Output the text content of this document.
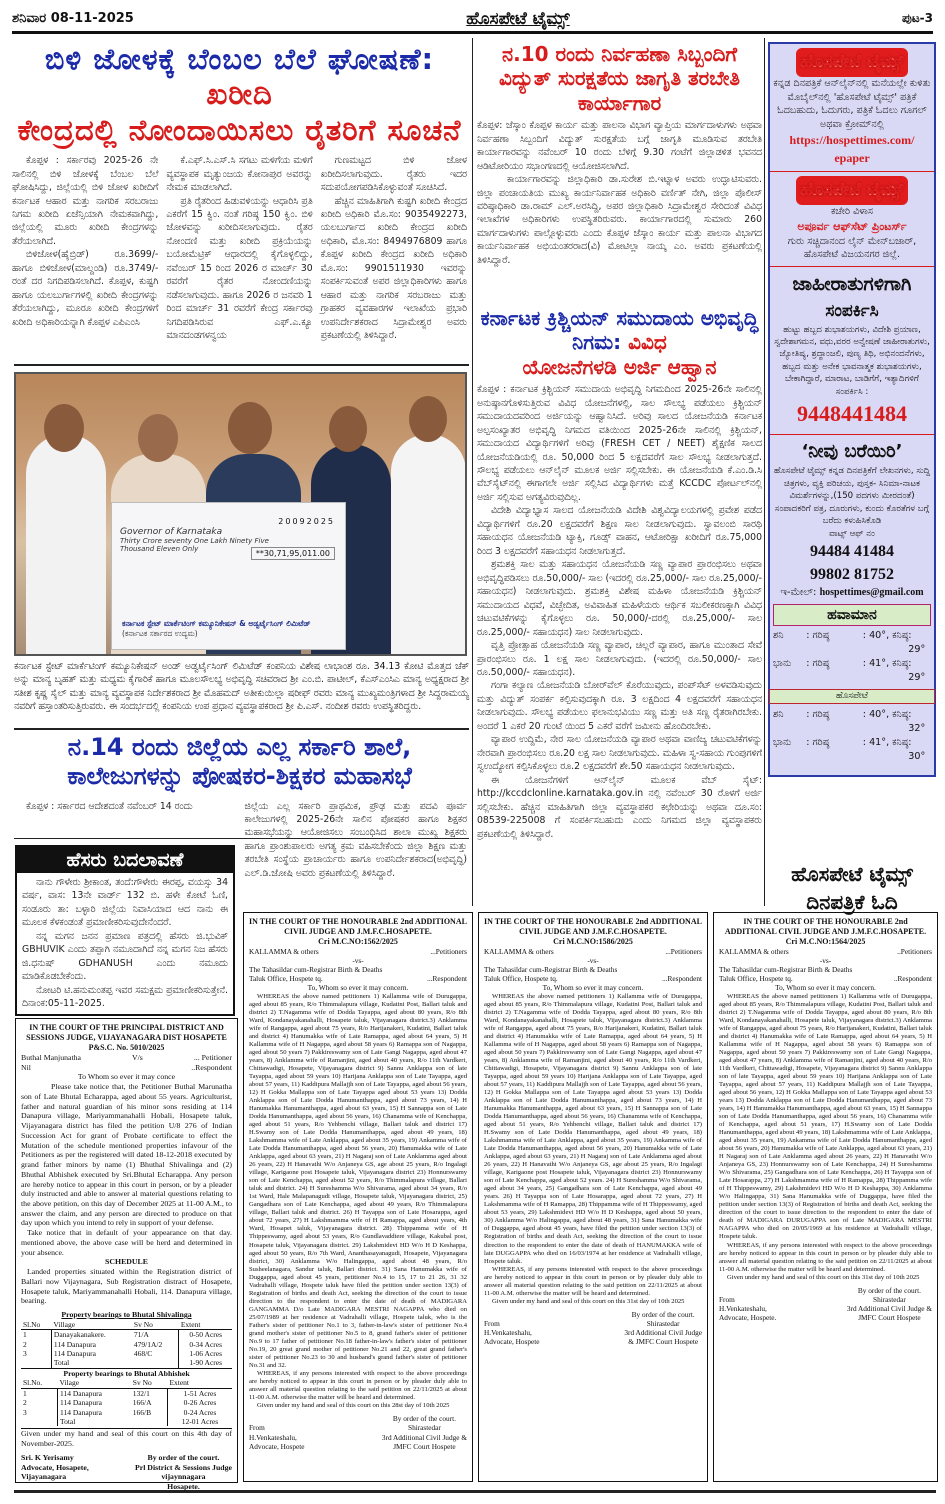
ಶನಿವಾರ 08-11-2025	ಹೊಸಪೇಟೆ ಟೈಮ್ಸ್	ಪುಟ-3
ಬಿಳಿ ಜೋಳಕ್ಕೆ ಬೆಂಬಲ ಬೆಲೆ ಘೋಷಣೆ: ಖರೀದಿ
ಕೇಂದ್ರದಲ್ಲಿ ನೋಂದಾಯಿಸಲು ರೈತರಿಗೆ ಸೂಚನೆ

ಕೊಪ್ಪಳ : ಸರ್ಕಾರವು 2025-26 ನೇ ಸಾಲಿನಲ್ಲಿ ಬಿಳಿ ಜೋಳಕ್ಕೆ ಬೆಂಬಲ ಬೆಲೆ ಘೋಷಿಸಿದ್ದು, ಜಿಲ್ಲೆಯಲ್ಲಿ ಬಿಳಿ ಜೋಳ ಖರೀದಿಗೆ ಕರ್ನಾಟಕ ಆಹಾರ ಮತ್ತು ನಾಗರಿಕ ಸರಬರಾಜು ನಿಗಮ ಖರೀದಿ ಏಜೆನ್ಸಿಯಾಗಿ ನೇಮಕವಾಗಿದ್ದು, ಜಿಲ್ಲೆಯಲ್ಲಿ ಮೂರು ಖರೀದಿ ಕೇಂದ್ರಗಳನ್ನು ತೆರೆಯಲಾಗಿದೆ.

ಬಿಳಿಜೋಳ(ಹೈಬ್ರಿಡ್) ರೂ.3699/- ಹಾಗೂ ಬಿಳಿಜೋಳ(ಮಾಲ್ದಂಡಿ) ರೂ.3749/- ರಂತೆ ದರ ನಿಗದಿಪಡಿಸಲಾಗಿದೆ. ಕೊಪ್ಪಳ, ಕುಷ್ಟಗಿ ಹಾಗೂ ಯಲಬುರ್ಗಾಗಳಲ್ಲಿ ಖರೀದಿ ಕೇಂದ್ರಗಳನ್ನು ತೆರೆಯಲಾಗಿದ್ದು, ಮೂರೂ ಖರೀದಿ ಕೇಂದ್ರಗಳಿಗೆ ಖರೀದಿ ಅಧಿಕಾರಿಯನ್ನಾಗಿ ಕೊಪ್ಪಳ ಎಪಿಎಂಸಿ

ಕೆ.ಎಫ್.ಸಿ.ಎಸ್.ಸಿ ಸಗಟು ಮಳಿಗೆಯ ಮಳಿಗೆ ವ್ಯವಸ್ಥಾಪಕ ಮೃತ್ಯುಂಜಯ ಕೋನಾಪುರ ಅವರನ್ನು ನೇಮಕ ಮಾಡಲಾಗಿದೆ.

ಪ್ರತಿ ರೈತರಿಂದ ಹಿಡುವಳಿಯನ್ನು ಆಧಾರಿಸಿ ಪ್ರತಿ ಎಕರೆಗೆ 15 ಕ್ವಿಂ. ನಂತೆ ಗರಿಷ್ಠ 150 ಕ್ವಿಂ. ಬಿಳಿ ಜೋಳವನ್ನು ಖರೀದಿಸಲಾಗುವುದು. ರೈತರ ನೋಂದಣಿ ಮತ್ತು ಖರೀದಿ ಪ್ರಕ್ರಿಯೆಯನ್ನು ಬಯೋಮೆಟ್ರಿಕ್ ಆಧಾರದಲ್ಲಿ ಕೈಗೊಳ್ಳಲಿದ್ದು, ನವೆಂಬರ್ 15 ರಿಂದ 2026 ರ ಮಾರ್ಚ್ 30 ರವರೆಗೆ ರೈತರ ನೋಂದಣಿಯನ್ನು ನಡೆಸಲಾಗುವುದು. ಹಾಗೂ 2026 ರ ಜನವರಿ 1 ರಿಂದ ಮಾರ್ಚ್ 31 ರವರೆಗೆ ಕೇಂದ್ರ ಸರ್ಕಾರವು ನಿಗದಿಪಡಿಸಿರುವ ಎಫ್.ಎ.ಕ್ಯೂ ಮಾನದಂಡಗಳನ್ವಯ

ಗುಣಮಟ್ಟದ ಬಿಳಿ ಜೋಳ ಖರೀದಿಸಲಾಗುವುದು. ರೈತರು ಇದರ ಸದುಪಯೋಗಪಡಿಸಿಕೊಳ್ಳುವಂತೆ ಸೂಚಿಸಿದೆ.

ಹೆಚ್ಚಿನ ಮಾಹಿತಿಗಾಗಿ ಕುಷ್ಟಗಿ ಖರೀದಿ ಕೇಂದ್ರದ ಖರೀದಿ ಅಧಿಕಾರಿ ಮೊ.ಸಂ: 9035492273, ಯಲಬುರ್ಗಾದ ಖರೀದಿ ಕೇಂದ್ರದ ಖರೀದಿ ಅಧಿಕಾರಿ, ಮೊ.ಸಂ: 8494976809 ಹಾಗೂ ಕೊಪ್ಪಳ ಖರೀದಿ ಕೇಂದ್ರದ ಖರೀದಿ ಅಧಿಕಾರಿ ಮೊ.ಸಂ: 9901511930 ಇವರನ್ನು ಸಂಪರ್ಕಿಸುವಂತೆ ಅಪರ ಜಿಲ್ಲಾಧಿಕಾರಿಗಳು ಹಾಗೂ ಆಹಾರ ಮತ್ತು ನಾಗರಿಕ ಸರಬರಾಜು ಮತ್ತು ಗ್ರಾಹಕರ ವ್ಯವಹಾರಗಳ ಇಲಾಖೆಯ ಪ್ರಭಾರಿ ಉಪನಿರ್ದೇಶಕರಾದ ಸಿದ್ರಾಮೇಶ್ವರ ಅವರು ಪ್ರಕಟಣೆಯಲ್ಲಿ ತಿಳಿಸಿದ್ದಾರೆ.

20092025
Governor of Karnataka
Thirty Crore seventy One Lakh Ninety Five Thousand Eleven Only	**30,71,95,011.00
ಕರ್ನಾಟಕ ಸ್ಟೇಟ್ ಮಾರ್ಕೆಟಿಂಗ್ ಕಮ್ಯೂನಿಕೇಷನ್ & ಅಡ್ವರ್ಟೈಸಿಂಗ್ ಲಿಮಿಟೆಡ್
(ಕರ್ನಾಟಕ ಸರ್ಕಾರದ ಉದ್ಯಮ)

ಕರ್ನಾಟಕ ಸ್ಟೇಟ್ ಮಾರ್ಕೆಟಿಂಗ್ ಕಮ್ಯೂನಿಕೇಷನ್ ಅಂಡ್ ಅಡ್ವರ್ಟೈಸಿಂಗ್ ಲಿಮಿಟೆಡ್ ಕಂಪನಿಯ ವಿಶೇಷ ಲಾಭಾಂಶ ರೂ. 34.13 ಕೋಟಿ ಮೊತ್ತದ ಚೆಕ್ ಅನ್ನು ಮಾನ್ಯ ಬೃಹತ್ ಮತ್ತು ಮಧ್ಯಮ ಕೈಗಾರಿಕೆ ಹಾಗೂ ಮೂಲಸೌಲಭ್ಯ ಅಭಿವೃದ್ಧಿ ಸಚಿವರಾದ ಶ್ರೀ ಎಂ.ಬಿ. ಪಾಟೀಲ್, ಕೆಎಸ್‌ಎಂಸಿಎ ಮಾನ್ಯ ಅಧ್ಯಕ್ಷರಾದ ಶ್ರೀ ಸತೀಶ ಕೃಷ್ಣ ಸೈಲ್ ಮತ್ತು ಮಾನ್ಯ ವ್ಯವಸ್ಥಾಪಕ ನಿರ್ದೇಶಕರಾದ ಶ್ರೀ ಮೊಹಮದ್ ಅತೀಕುಯಿಲ್ಲಾ ಷರೀಫ್ ರವರು ಮಾನ್ಯ ಮುಖ್ಯಮಂತ್ರಿಗಳಾದ ಶ್ರೀ ಸಿದ್ದರಾಮಯ್ಯ ನವರಿಗೆ ಹಸ್ತಾಂತರಿಸುತ್ತಿರುವರು. ಈ ಸಂದರ್ಭದಲ್ಲಿ ಕಂಪನಿಯ ಉಪ ಪ್ರಧಾನ ವ್ಯವಸ್ಥಾಪಕರಾದ ಶ್ರೀ ಪಿ.ಎಸ್. ನಂದೀಶ ರವರು ಉಪಸ್ಥಿತರಿದ್ದರು.

ನ.14 ರಂದು ಜಿಲ್ಲೆಯ ಎಲ್ಲ ಸರ್ಕಾರಿ ಶಾಲೆ,
ಕಾಲೇಜುಗಳನ್ನು ಪೋಷಕರ-ಶಿಕ್ಷಕರ ಮಹಾಸಭೆ

ಕೊಪ್ಪಳ : ಸರ್ಕಾರದ ಆದೇಶದಂತೆ ನವೆಂಬರ್ 14 ರಂದು	ಜಿಲ್ಲೆಯ ಎಲ್ಲ ಸರ್ಕಾರಿ ಪ್ರಾಥಮಿಕ, ಪ್ರೌಢ ಮತ್ತು ಪದವಿ ಪೂರ್ವ ಕಾಲೇಜುಗಳಲ್ಲಿ 2025-26ನೇ ಸಾಲಿನ ಪೋಷಕರ ಹಾಗೂ ಶಿಕ್ಷಕರ ಮಹಾಸಭೆಯನ್ನು ಆಯೋಜಿಸಲು ಸಂಬಂಧಿಸಿದ ಶಾಲಾ ಮುಖ್ಯ ಶಿಕ್ಷಕರು ಹಾಗೂ ಪ್ರಾಂಶುಪಾಲರು ಅಗತ್ಯ ಕ್ರಮ ವಹಿಸಬೇಕೆಂದು ಜಿಲ್ಲಾ ಶಿಕ್ಷಣ ಮತ್ತು ತರಬೇತಿ ಸಂಸ್ಥೆಯ ಪ್ರಾಚಾರ್ಯರು ಹಾಗೂ ಉಪನಿರ್ದೇಶಕರಾದ(ಅಭಿವೃದ್ಧಿ) ಎಲ್.ಡಿ.ಜೋಷಿ ಅವರು ಪ್ರಕಟಣೆಯಲ್ಲಿ ತಿಳಿಸಿದ್ದಾರೆ.

ಹೆಸರು ಬದಲಾವಣೆ

ನಾನು ಗೌಳೇರು ಶ್ರೀಕಾಂತ, ತಂದೆ:ಗೌಳೇರು ಈರಪ್ಪ, ವಯಸ್ಸು 34 ವರ್ಷ, ವಾಸ: 13ನೇ ವಾರ್ಡ್ 132 ಬಿ. ಹಳೇ ಕೋಟೆ ಓಣಿ, ಸಂಡೂರು ತಾ: ಬಳ್ಳಾರಿ ಜಿಲ್ಲೆಯ ನಿವಾಸಿಯಾದ ಆದ ನಾನು ಈ ಮೂಲಕ ಕೆಳಕಂಡಂತೆ ಪ್ರಮಾಣೀಕರಿಸುವುದೇನೆಂದರೆ.

ನನ್ನ ಮಗನ ಜನನ ಪ್ರಮಾಣ ಪತ್ರದಲ್ಲಿ ಹೆಸರು ಜಿ.ಭುವಿಕ್ GBHUVIK ಎಂದು ತಪ್ಪಾಗಿ ನಮೂದಾಗಿದೆ ನನ್ನ ಮಗನ ನಿಜ ಹೆಸರು ಜಿ.ಧನುಷ್ GDHANUSH ಎಂದು ನಮೂದು ಮಾಡಿಕೊಡಬೇಕೆಂದು.

ನೋಟರಿ ಟಿ.ಹನುಮಂತಪ್ಪ ಇವರ ಸಮಕ್ಷಮ ಪ್ರಮಾಣೀಕರಿಸುತ್ತೇನೆ. ದಿನಾಂಕ:05-11-2025.

IN THE COURT OF THE PRINCIPAL DISTRICT AND SESSIONS JUDGE, VIJAYANAGARA DIST HOSAPETE
P&S.C. No. 5010/2025
Buthal Manjunatha	V/s	... Petitioner
Nil	..Respondent
To Whom so ever it may conce

Please take notice that, the Petitioner Buthal Marunatha son of Late Bhutal Echarappa, aged about 55 years. Agriculturist, father and natural guardian of his minor sons residing at 114 Danapura village, Mariyammanahalli Hobali, Hosapete taluk, Vijayanagara district has filed the petition U/8 276 of Indian Succession Act for grant of Probate certificate to effect the Mutation of the schedule mentioned properties infavour of the Petitioners as per the registered will dated 18-12-2018 executed by grand father minors by name (1) Bhuthal Shivalinga and (2) Bhuthal Abhishek executed by Sri.Bhutal Echarappa. Any person are hereby notice to appear in this court in person, or by a pleader duly instructed and able to answer al material questions relating to the above petition, on this day of December 2025 at 11-00 A.M., to answer the claim, and any person are directed to produce on that day upon which you intend to rely in support of your defense.

Take notice that in default of your appearance on that day. mentioned above, the above case will be herd and determined in your absence.

SCHEDULE

Landed properties situated within the Registration district of Ballari now Vijaynagara, Sub Registration distract of Hosapete, Hosapete taluk, Mariyammanahalli Hobali, 114. Danapura village, bearing.

Property bearings to Bhutal Shivalinga
Sl.No	Village	Sv No	Extent
1	Danayakanakere.	71/A	0-50 Acres
2	114 Danapura	479/1A/2	0-34 Acres
3	114 Danapura	468/C	1-06 Acres
	Total		1-90 Acres
Property bearings to Bhutal Abhishek
Sl.No.	Vilage	Sv No	Extent
1	114 Danapura	132/1	1-51 Acres
2	114 Danapura	166/A	0-26 Acres
3	114 Danapura	166/B	0-24 Acres
	Total		12-01 Acres

Given under my hand and seal of this court on this 4th day of November-2025.

Sri. K Yerisamy
Advocate, Hosapete,
Vijayanagara
By order of the court.
Prl District & Sessions Judge
vijaynnagara
Hosapete.
IN THE COURT OF THE HONOURABLE 2nd ADDITIONAL CIVIL JUDGE AND J.M.F.C.HOSAPETE.
Cri M.C.NO:1562/2025
KALLAMMA & others	...Petitioners
-vs-
The Tahasildar cum-Registrar Birth & Deaths
Taluk Office, Hospete tq.	...Respondent
To, Whom so ever it may concern.

WHEREAS the above named petitioners 1) Kallamma wife of Durugappa, aged about 85 years, R/o Thimmalapura village, Kudatini Post, Ballari taluk and district 2) T.Nagamma wife of Dodda Tayappa, aged about 80 years, R/o 8th Ward, Kondanayakanahalli, Hosapete taluk, Vijayanagara district.3) Anklamma wife of Rangappa, aged about 75 years, R/o Harijanakeri, Kudatini, Ballari taluk and district 4) Hanumakka wife of Late Ramappa, aged about 64 years, 5) H Kallamma wife of H Nagappa, aged about 58 years 6) Ramappa son of Nagappa, aged about 50 years 7) Pakkireswamy son of Late Gangi Nagappa, aged about 47 years, 8) Anklamma wife of Ramanjini, aged about 40 years, R/o 11th Vardkeri, Chittawadigi, Hosapete, Vijayanagara district 9) Sannu Anklappa son of late Tayappa, aged about 59 years 10) Harijana Anklappa son of Late Tayappa, aged about 57 years, 11) Kaddipura Mallajjh son of Late Tayappa, aged about 56 years, 12) H Gokka Mallappa son of Late Tayappa aged about 53 years 13) Dodda Anklappa son of Late Dodda Hanumanthappa, aged about 73 years, 14) H Hanumakka Hanumanthappa, aged about 63 years, 15) H Sannappa son of Late Dodda Hanumanthappa, aged about 56 years, 16) Chanamma wife of Kenchappa, aged about 51 years, R/o Yehbenchi village, Ballari taluk and district 17) H.Swamy son of Late Dodda Hanumanthappa, aged about 49 years, 18) Lakshmamma wife of Late Anklappa, aged about 35 years, 19) Ankamma wife of Late Dodda Hanumanthappa, aged about 56 years, 20) Hanumakka wife of Late Anklappa, aged about 63 years, 21) H Nagaraj son of Late Anklamma aged about 26 years, 22) H Hanavathi W/o Anjaneya GS, age about 25 years, R/o Ingalagi village, Karigaone post Hosapete taluk, Vijayanagara district 23) Honnurswamy son of Late Kenchappa, aged about 52 years, R/o Thimmalapura village, Ballari taluk and district. 24) H Sureshamma W/o Shivarama, aged about 34 years, R/o 1st Ward, Hale Malapanagudi village, Hosapete taluk, Vijayanagara district, 25) Gangadhara son of Late Kenchappa, aged about 49 years, R/o Thimmalapura village, Ballari taluk and district. 26) H Tayappa son of Late Hosarappa, aged about 72 years, 27) H Lakshmamma wife of H Ramappa, aged about years, 4th Ward, Hosapet taluk, Vijayanagara district. 28) Thippamma wife of H Thippeswamy, aged about 53 years, R/o Gundlavaddiere village, Kakubal post, Hosapete taluk, Vijayanagara district. 29) Lakshmidevi HD W/o H D Keshappa, aged about 50 years, R/o 7th Ward, Ananthasayanagudi, Hosapete, Vijayanagara district, 30) Anklamma W/o Halingappa, aged about 48 years, R/o Susheelanagara, Sandur taluk, Ballari district. 31) Sana Hanumakka wife of Duggappa, aged about 45 years, petitioner No.4 to 15, 17 to 21 26, 31 32 Vadrahalli village, Hospete taluk have filed the petition under section 13(3) of Registration of births and death Act, seeking the direction of the court to issue direction to the respondent to enter the date of death of MADIGARA GANGAMMA D/o Late MADIGARA MESTRI NAGAPPA who died on 25/07/1989 at her residence at Vadrahalli village, Hospete taluk, who is the Father's sister of petitioner No.1 to 3, father-in-law's sister of petitioner No.4 grand mother's sister of petitioner No.5 to 8, grand father's sister of petitioner No.9 to 17 father of petitioner No.18 father-in-law's father's sister of petitioner No.19, 20 great grand mother of petitioner No.21 and 22, great grand father's sister of petitioner No.23 to 30 and husband's grand father's sister of petitioner No.31 and 32.

WHEREAS, if any persons interested with respect to the above proceedings are hereby noticed to appear in this court in person or by pleader duly able to answer all material question relating to the said petition on 22/11/2025 at about 11-00 A.M. otherwise the matter will be heard and determined.

Given under my hand and seal of this court on this 28st day of 10th 2025

From
H.Venkateshalu,
Advocate, Hospete
By order of the court.
Shirastedar
3rd Additional Civil Judge &
JMFC Court Hospete
IN THE COURT OF THE HONOURABLE 2nd ADDITIONAL CIVIL JUDGE AND J.M.F.C.HOSAPETE.
Cri M.C.NO:1586/2025
KALLAMMA & others	...Petitioners
-vs-
The Tahasildar cum-Registrar Birth & Deaths
Taluk Office, Hospete tq.	...Respondent
To, Whom so ever it may concern.

WHEREAS the above named petitioners 1) Kallamma wife of Durugappa, aged about 85 years, R/o Thimmalapura village, Kudatini Post, Ballari taluk and district 2) T.Nagamma wife of Dodda Tayappa, aged about 80 years, R/o 8th Ward, Kondanayakanahalli, Hosapete taluk, Vijayanagara district.3) Anklamma wife of Rangappa, aged about 75 years, R/o Harijanakeri, Kudatini, Ballari taluk and district 4) Hanumakka wife of Late Ramappa, aged about 64 years, 5) H Kallamma wife of H Nagappa, aged about 58 years 6) Ramappa son of Nagappa, aged about 50 years 7) Pakkireswamy son of Late Gangi Nagappa, aged about 47 years, 8) Anklamma wife of Ramanjini, aged about 40 years, R/o 11th Vardkeri, Chittawadigi, Hosapete, Vijayanagara district 9) Sannu Anklappa son of late Tayappa, aged about 59 years 10) Harijana Anklappa son of Late Tayappa, aged about 57 years, 11) Kaddipura Mallajjh son of Late Tayappa, aged about 56 years, 12) H Gokka Mallappa son of Late Tayappa aged about 53 years 13) Dodda Anklappa son of Late Dodda Hanumanthappa, aged about 73 years, 14) H Hanumakka Hanumanthappa, aged about 63 years, 15) H Sannappa son of Late Dodda Hanumanthappa, aged about 56 years, 16) Chanamma wife of Kenchappa, aged about 51 years, R/o Yehbenchi village, Ballari taluk and district 17) H.Swamy son of Late Dodda Hanumanthappa, aged about 49 years, 18) Lakshmamma wife of Late Anklappa, aged about 35 years, 19) Ankamma wife of Late Dodda Hanumanthappa, aged about 56 years, 20) Hanumakka wife of Late Anklappa, aged about 63 years, 21) H Nagaraj son of Late Anklamma aged about 26 years, 22) H Hanavathi W/o Anjaneya GS, age about 25 years, R/o Ingalagi village, Karigaone post Hosapete taluk, Vijayanagara district 23) Honnurswamy son of Late Kenchappa, aged about 52 years. 24) H Sureshamma W/o Shivarama, aged about 34 years, 25) Gangadhara son of Late Kenchappa, aged about 49 years. 26) H Tayappa son of Late Hosarappa, aged about 72 years, 27) H Lakshmamma wife of H Ramappa, 28) Thippamma wife of H Thippeswamy, aged about 53 years, 29) Lakshmidevi HD W/o H D Keshappa, aged about 50 years, 30) Anklamma W/o Halingappa, aged about 48 years, 31) Sana Hanumakka wife of Duggappa, aged about 45 years, have filed the petition under section 13(3) of Registration of births and death Act, seeking the direction of the court to issue direction to the respondent to enter the date of death of HANUMAKKA wife of late DUGGAPPA who died on 16/03/1974 at her residence at Vadrahalli village, Hospete taluk.

WHEREAS, if any persons interested with respect to the above proceedings are hereby noticed to appear in this court in person or by pleader duly able to answer all material question relating to the said petition on 22/11/2025 at about 11-00 A.M. otherwise the matter will be heard and determined.

Given under my hand and seal of this court on this 31st day of 10th 2025

From
H.Venkateshalu,
Advocate, Hospete
By order of the court.
Shirastedar
3rd Additional Civil Judge
& JMFC Court Hospete
IN THE COURT OF THE HONOURABLE 2nd ADDITIONAL CIVIL JUDGE AND J.M.F.C.HOSAPETE.
Cri M.C.NO:1564/2025
KALLAMMA & others	..Petitioners
-vs-
The Tahasildar cum-Registrar Birth & Deaths
Taluk Office, Hospete tq.	..Respondent
To, Whom so ever it may concern.

WHEREAS the above named petitioners 1) Kallamma wife of Durugappa, aged about 85 years, R/o Thimmalapura village, Kudatini Post, Ballari taluk and district 2) T.Nagamma wife of Dodda Tayappa, aged about 80 years, R/o 8th Ward, Kondanayakanahalli, Hosapete taluk, Vijayanagara district.3) Anklamma wife of Rangappa, aged about 75 years, R/o Harijanakeri, Kudatini, Ballari taluk and district 4) Hanumakka wife of Late Ramappa, aged about 64 years, 5) H Kallamma wife of H Nagappa, aged about 58 years 6) Ramappa son of Nagappa, aged about 50 years 7) Pakkireswamy son of Late Gangi Nagappa, aged about 47 years, 8) Anklamma wife of Ramanjini, aged about 40 years, R/o 11th Vardkeri, Chittawadigi, Hosapete, Vijayanagara district 9) Sannu Anklappa son of late Tayappa, aged about 59 years 10) Harijana Anklappa son of Late Tayappa, aged about 57 years, 11) Kaddipura Mallajjh son of Late Tayappa, aged about 56 years, 12) H Gokka Mallappa son of Late Tayappa aged about 53 years 13) Dodda Anklappa son of Late Dodda Hanumanthappa, aged about 73 years, 14) H Hanumakka Hanumanthappa, aged about 63 years, 15) H Sannappa son of Late Dodda Hanumanthappa, aged about 56 years, 16) Chanamma wife of Kenchappa, aged about 51 years, 17) H.Swamy son of Late Dodda Hanumanthappa, aged about 49 years, 18) Lakshmamma wife of Late Anklappa, aged about 35 years, 19) Ankamma wife of Late Dodda Hanumanthappa, aged about 56 years, 20) Hanumakka wife of Late Anklappa, aged about 63 years, 21) H Nagaraj son of Late Anklamma aged about 26 years, 22) H Hanavathi W/o Anjaneya GS, 23) Honnurswamy son of Late Kenchappa, 24) H Sureshamma W/o Shivarama, 25) Gangadhara son of Late Kenchappa, 26) H Tayappa son of Late Hosarappa, 27) H Lakshmamma wife of H Ramappa, 28) Thippamma wife of H Thippeswamy, 29) Lakshmidevi HD W/o H D Keshappa, 30) Anklamma W/o Halingappa, 31) Sana Hanumakka wife of Duggappa, have filed the petition under section 13(3) of Registration of births and death Act, seeking the direction of the court to issue direction to the respondent to enter the date of death of MADIGARA DURUGAPPA son of Late MADIGARA MESTRI NAGAPPA who died on 20/05/1969 at his residence at Vadrahalli village, Hospete taluk.

WHEREAS, if any persons interested with respect to the above proceedings are hereby noticed to appear in this court in person or by pleader duly able to answer all material question relating to the said petition on 22/11/2025 at about 11-00 A.M. otherwise the matter will be heard and determined.

Given under my hand and seal of this court on this 31st day of 10th 2025

From
H.Venkateshalu,
Advocate, Hospete.
By order of the court.
Shirastedar
3rd Additional Civil Judge &
JMFC Court Hospete
ನ.10 ರಂದು ನಿರ್ವಹಣಾ ಸಿಬ್ಬಂದಿಗೆ ವಿದ್ಯುತ್ ಸುರಕ್ಷತೆಯ ಜಾಗೃತಿ ತರಬೇತಿ ಕಾರ್ಯಾಗಾರ

ಕೊಪ್ಪಳ: ಜೆಸ್ಕಾಂ ಕೊಪ್ಪಳ ಕಾರ್ಯ ಮತ್ತು ಪಾಲನಾ ವಿಭಾಗ ವ್ಯಾಪ್ತಿಯ ಮಾರ್ಗದಾಳುಗಳು ಅಥವಾ ನಿರ್ವಹಣಾ ಸಿಬ್ಬಂದಿಗೆ ವಿದ್ಯುತ್ ಸುರಕ್ಷತೆಯ ಬಗ್ಗೆ ಜಾಗೃತಿ ಮೂಡಿಸುವ ತರಬೇತಿ ಕಾರ್ಯಾಗಾರವನ್ನು ನವೆಂಬರ್ 10 ರಂದು ಬೆಳಿಗ್ಗೆ 9.30 ಗಂಟೆಗೆ ಜಿಲ್ಲಾಡಳಿತ ಭವನದ ಆಡಿಟೋರಿಯಂ ಸಭಾಂಗಣದಲ್ಲಿ ಆಯೋಜಿಸಲಾಗಿದೆ.

ಕಾರ್ಯಾಗಾರವನ್ನು ಜಿಲ್ಲಾಧಿಕಾರಿ ಡಾ.ಸುರೇಶ ಬಿ.ಇಟ್ನಾಳ ಅವರು ಉದ್ಘಾಟಿಸುವರು. ಜಿಲ್ಲಾ ಪಂಚಾಯತಿಯ ಮುಖ್ಯ ಕಾರ್ಯನಿರ್ವಾಹಕ ಅಧಿಕಾರಿ ವರ್ಣಿತ್ ನೇಗಿ, ಜಿಲ್ಲಾ ಪೊಲೀಸ್ ವರಿಷ್ಠಾಧಿಕಾರಿ ಡಾ.ರಾಮ್ ಎಲ್.ಅರಸಿದ್ದಿ, ಅಪರ ಜಿಲ್ಲಾಧಿಕಾರಿ ಸಿದ್ರಾಮೇಶ್ವರ ಸೇರಿದಂತೆ ವಿವಿಧ ಇಲಾಖೆಗಳ ಅಧಿಕಾರಿಗಳು ಉಪಸ್ಥಿತರಿರುವರು. ಕಾರ್ಯಾಗಾರದಲ್ಲಿ ಸುಮಾರು 260 ಮಾರ್ಗದಾಳುಗಳು ಪಾಲ್ಗೊಳ್ಳುವರು ಎಂದು ಕೊಪ್ಪಳ ಜೆಸ್ಕಾಂ ಕಾರ್ಯ ಮತ್ತು ಪಾಲನಾ ವಿಭಾಗದ ಕಾರ್ಯನಿರ್ವಾಹಕ ಅಭಿಯಂತರರಾದ(ವಿ) ಮೋಟಿಲ್ಲಾ ನಾಯ್ಕ ಎಂ. ಅವರು ಪ್ರಕಟಣೆಯಲ್ಲಿ ತಿಳಿಸಿದ್ದಾರೆ.

ಕರ್ನಾಟಕ ಕ್ರಿಶ್ಚಿಯನ್ ಸಮುದಾಯ ಅಭಿವೃದ್ಧಿ ನಿಗಮ: ವಿವಿಧ
ಯೋಜನೆಗಳಡಿ ಅರ್ಜಿ ಆಹ್ವಾನ

ಕೊಪ್ಪಳ : ಕರ್ನಾಟಕ ಕ್ರಿಶ್ಚಿಯನ್ ಸಮುದಾಯ ಅಭಿವೃದ್ಧಿ ನಿಗಮದಿಂದ 2025-26ನೇ ಸಾಲಿನಲ್ಲಿ ಅನುಷ್ಠಾನಗೊಳಿಸುತ್ತಿರುವ ವಿವಿಧ ಯೋಜನೆಗಳಲ್ಲಿ, ಸಾಲ ಸೌಲಭ್ಯ ಪಡೆಯಲು ಕ್ರಿಶ್ಚಿಯನ್ ಸಮುದಾಯದವರಿಂದ ಅರ್ಜಿಯನ್ನು ಆಹ್ವಾನಿಸಿದೆ. ಅರಿವು ಸಾಲದ ಯೋಜನೆಯಡಿ ಕರ್ನಾಟಕ ಅಲ್ಪಸಂಖ್ಯಾತರ ಅಭಿವೃದ್ಧಿ ನಿಗಮದ ವತಿಯಿಂದ 2025-26ನೇ ಸಾಲಿನಲ್ಲಿ ಕ್ರಿಶ್ಚಿಯನ್, ಸಮುದಾಯದ ವಿದ್ಯಾರ್ಥಿಗಳಿಗೆ ಅರಿವು (FRESH CET / NEET) ಶೈಕ್ಷಣಿಕ ಸಾಲದ ಯೋಜನೆಯಡಿಯಲ್ಲಿ ರೂ. 50,000 ರಿಂದ 5 ಲಕ್ಷದವರೆಗೆ ಸಾಲ ಸೌಲಭ್ಯ ನೀಡಲಾಗುತ್ತದೆ. ಸೌಲಭ್ಯ ಪಡೆಯಲು ಆನ್‌ಲೈನ್ ಮೂಲಕ ಅರ್ಜಿ ಸಲ್ಲಿಸಬೇಕು. ಈ ಯೋಜನೆಯಡಿ ಕೆ.ಎಂ.ಡಿ.ಸಿ ವೆಬ್‌ಸೈಟ್‌ನಲ್ಲಿ ಈಗಾಗಲೇ ಅರ್ಜಿ ಸಲ್ಲಿಸಿದ ವಿದ್ಯಾರ್ಥಿಗಳು ಮತ್ತೆ KCCDC ಪೋರ್ಟಲ್‌ನಲ್ಲಿ ಅರ್ಜಿ ಸಲ್ಲಿಸುವ ಅಗತ್ಯವಿರುವುದಿಲ್ಲ.

ವಿದೇಶಿ ವಿದ್ಯಾಭ್ಯಾಸ ಸಾಲದ ಯೋಜನೆಯಡಿ ವಿದೇಶಿ ವಿಶ್ವವಿದ್ಯಾಲಯಗಳಲ್ಲಿ ಪ್ರವೇಶ ಪಡೆದ ವಿದ್ಯಾರ್ಥಿಗಳಿಗೆ ರೂ.20 ಲಕ್ಷದವರೆಗೆ ಶಿಕ್ಷಣ ಸಾಲ ನೀಡಲಾಗುವುದು. ಸ್ವಾವಲಂಬಿ ಸಾರಥಿ ಸಹಾಯಧನ ಯೋಜನೆಯಡಿ ಟ್ಯಾಕ್ಸಿ, ಗೂಡ್ಸ್ ವಾಹನ, ಆಟೋರಿಕ್ಷಾ ಖರೀದಿಗೆ ರೂ.75,000 ರಿಂದ 3 ಲಕ್ಷದವರೆಗೆ ಸಹಾಯಧನ ನೀಡಲಾಗುತ್ತದೆ.

ಶ್ರಮಶಕ್ತಿ ಸಾಲ ಮತ್ತು ಸಹಾಯಧನ ಯೋಜನೆಯಡಿ ಸಣ್ಣ ವ್ಯಾಪಾರ ಪ್ರಾರಂಭಿಸಲು ಅಥವಾ ಅಭಿವೃದ್ಧಿಪಡಿಸಲು ರೂ.50,000/- ಸಾಲ (ಇದರಲ್ಲಿ ರೂ.25,000/- ಸಾಲ ರೂ.25,000/- ಸಹಾಯಧನ) ನೀಡಲಾಗುವುದು. ಶ್ರಮಶಕ್ತಿ ವಿಶೇಷ ಮಹಿಳಾ ಯೋಜನೆಯಡಿ ಕ್ರಿಶ್ಚಿಯನ್ ಸಮುದಾಯದ ವಿಧವೆ, ವಿಚ್ಛೇದಿತ, ಅವಿವಾಹಿತ ಮಹಿಳೆಯರು ಆರ್ಥಿಕ ಸಬಲೀಕರಣಕ್ಕಾಗಿ ವಿವಿಧ ಚಟುವಟಿಕೆಗಳನ್ನು ಕೈಗೊಳ್ಳಲು ರೂ. 50,000/-ದರಲ್ಲಿ ರೂ.25,000/- ಸಾಲ ರೂ.25,000/- ಸಹಾಯಧನ) ಸಾಲ ನೀಡಲಾಗುವುದು.

ವೃತ್ತಿ ಪ್ರೋತ್ಸಾಹ ಯೋಜನೆಯಡಿ ಸಣ್ಣ ವ್ಯಾಪಾರ, ಚಿಲ್ಲರೆ ವ್ಯಾಪಾರ, ಹಾಗೂ ಮುಂತಾದ ಸೇವೆ ಪ್ರಾರಂಭಿಸಲು ರೂ. 1 ಲಕ್ಷ ಸಾಲ ನೀಡಲಾಗುವುದು. (ಇದರಲ್ಲಿ ರೂ.50,000/- ಸಾಲ ರೂ.50,000/- ಸಹಾಯಧನ).

ಗಂಗಾ ಕಲ್ಯಾಣ ಯೋಜನೆಯಡಿ ಬೋರ್‌ವೆಲ್ ಕೊರೆಯುವುದು, ಪಂಪ್‌ಸೆಟ್ ಅಳವಡಿಸುವುದು ಮತ್ತು ವಿದ್ಯುತ್ ಸಂಪರ್ಕ ಕಲ್ಪಿಸುವುದಕ್ಕಾಗಿ ರೂ. 3 ಲಕ್ಷದಿಂದ 4 ಲಕ್ಷದವರೆಗೆ ಸಹಾಯಧನ ನೀಡಲಾಗುವುದು. ಸೌಲಭ್ಯ ಪಡೆಯಲು ಫಲಾನುಭವಿಯು ಸಣ್ಣ ಮತ್ತು ಅತಿ ಸಣ್ಣ ರೈತರಾಗಿರಬೇಕು. ಅಂದರೆ 1 ಎಕರೆ 20 ಗುಂಟೆ ಯಿಂದ 5 ಎಕರೆ ವರೆಗೆ ಜಮೀನು ಹೊಂದಿರಬೇಕು.

ವ್ಯಾಪಾರ ಉದ್ದಿಮೆ, ನೇರ ಸಾಲ ಯೋಜನೆಯಡಿ ವ್ಯಾಪಾರ ಅಥವಾ ವಾಣಿಜ್ಯ ಚಟುವಟಿಕೆಗಳನ್ನು ನೇರವಾಗಿ ಪ್ರಾರಂಭಿಸಲು ರೂ.20 ಲಕ್ಷ ಸಾಲ ನೀಡಲಾಗುವುದು. ಮಹಿಳಾ ಸ್ವ-ಸಹಾಯ ಗುಂಪುಗಳಿಗೆ ಸ್ವಉದ್ಯೋಗ ಕಲ್ಪಿಸಿಕೊಳ್ಳಲು ರೂ.2 ಲಕ್ಷದವರೆಗೆ ಶೇ.50 ಸಹಾಯಧನ ನೀಡಲಾಗುವುದು.

ಈ ಯೋಜನೆಗಳಿಗೆ ಆನ್‌ಲೈನ್ ಮೂಲಕ ವೆಬ್ ಸೈಟ್: http://kccdclonline.karnataka.gov.in ನಲ್ಲಿ ನವೆಂಬರ್ 30 ರೊಳಗೆ ಅರ್ಜಿ ಸಲ್ಲಿಸಬೇಕು. ಹೆಚ್ಚಿನ ಮಾಹಿತಿಗಾಗಿ ಜಿಲ್ಲಾ ವ್ಯವಸ್ಥಾಪಕರ ಕಛೇರಿಯನ್ನು ಅಥವಾ ದೂ.ಸಂ: 08539-225008 ಗೆ ಸಂಪರ್ಕಿಸಬಹುದು ಎಂದು ನಿಗಮದ ಜಿಲ್ಲಾ ವ್ಯವಸ್ಥಾಪಕರು ಪ್ರಕಟಣೆಯಲ್ಲಿ ತಿಳಿಸಿದ್ದಾರೆ.

ಹೊಸಪೇಟೆ ಟೈಮ್ಸ್
ಕನ್ನಡ ದಿನಪತ್ರಿಕೆ ಆನ್‌ಲೈನ್‌ನಲ್ಲಿ ಮನೆಯಲ್ಲೇ ಕುಳಿತು ಮೊಬೈಲ್‌ನಲ್ಲಿ 'ಹೊಸಪೇಟೆ ಟೈಮ್ಸ್' ಪತ್ರಿಕೆ ಓದಬಹುದು, ಓದುಗರು, ಪತ್ರಿಕೆ ಓದಲು ಗೂಗಲ್ ಅಥವಾ ಕ್ರೋಮ್‌ನಲ್ಲಿ
https://hospettimes.com/
epaper
ಹೊಸಪೇಟೆ ಟೈಮ್ಸ್
ಕಚೇರಿ ವಿಳಾಸ
ಅಪೂರ್ವ ಆಫ್‌ಸೆಟ್ ಪ್ರಿಂಟರ್ಸ್
ಗುರು ಸಚ್ಚಿದಾನಂದ ಲೈನ್ ಮೇನ್‌ಬಜಾರ್, ಹೊಸಪೇಟೆ ವಿಜಯನಗರ ಜಿಲ್ಲೆ.
ಜಾಹೀರಾತುಗಳಿಗಾಗಿ
ಸಂಪರ್ಕಿಸಿ
ಹುಟ್ಟು ಹಬ್ಬದ ಶುಭಾಶಯಗಳು, ವಿದೇಶಿ ಪ್ರಯಾಣ, ಸ್ವದೇಶಾಗಮನ, ವಧು,ವರರ ಅನ್ವೇಷಣೆ ಜಾಹೀರಾತುಗಳು, ಜ್ಯೋತಿಷ್ಯ, ಶ್ರದ್ಧಾಂಜಲಿ, ಪುಣ್ಯ ತಿಥಿ, ಅಭಿನಂದನೆಗಳು, ಹಬ್ಬದ ಮತ್ತು ಅನೇಕ ಭಾವನಾತ್ಮಕ ಶುಭಾಶಯಗಳು, ಬೇಕಾಗಿದ್ದಾರೆ, ಮಾರಾಟ, ಬಾಡಿಗೆಗೆ, ಇತ್ಯಾದಿಗಳಿಗೆ
ಸಂಪರ್ಕಿಸಿ :
9448441484
‘ನೀವು ಬರೆಯಿರಿ’
ಹೊಸಪೇಟೆ ಟೈಮ್ಸ್ ಕನ್ನಡ ದಿನಪತ್ರಿಕೆಗೆ ಲೇಖನಗಳು, ಸುದ್ದಿ ಚಿತ್ರಗಳು, ವ್ಯಕ್ತಿ ಪರಿಚಯ, ಪುಸ್ತಕ- ಸಿನಿಮಾ-ನಾಟಕ ವಿಮರ್ಶೆಗಳನ್ನು,(150 ಪದಗಳು ಮೀರದಂತೆ) ಸಂಪಾದಕರಿಗೆ ಪತ್ರ, ದೂರುಗಳು, ಕುಂದು ಕೊರತೆಗಳ ಬಗ್ಗೆ ಬರೆದು ಕಳುಹಿಸಿಕೊಡಿ
ವಾಟ್ಸ್ ಆಫ್ ನಂ
94484 41484
99802 81752
ಇ-ಮೇಲ್: hospettimes@gmail.com
ಹವಾಮಾನ
ಶನಿ	: ಗರಿಷ್ಠ	: 40°, ಕನಿಷ್ಠ : 29°
ಭಾನು	: ಗರಿಷ್ಠ	: 41°, ಕನಿಷ್ಠ : 29°
ಹೊಸಪೇಟೆ
ಶನಿ	: ಗರಿಷ್ಠ	: 40°, ಕನಿಷ್ಠ : 32°
ಭಾನು	: ಗರಿಷ್ಠ	: 41°, ಕನಿಷ್ಠ : 30°
ಹೊಸಪೇಟೆ ಟೈಮ್ಸ್
ದಿನಪತ್ರಿಕೆ ಓದಿ
